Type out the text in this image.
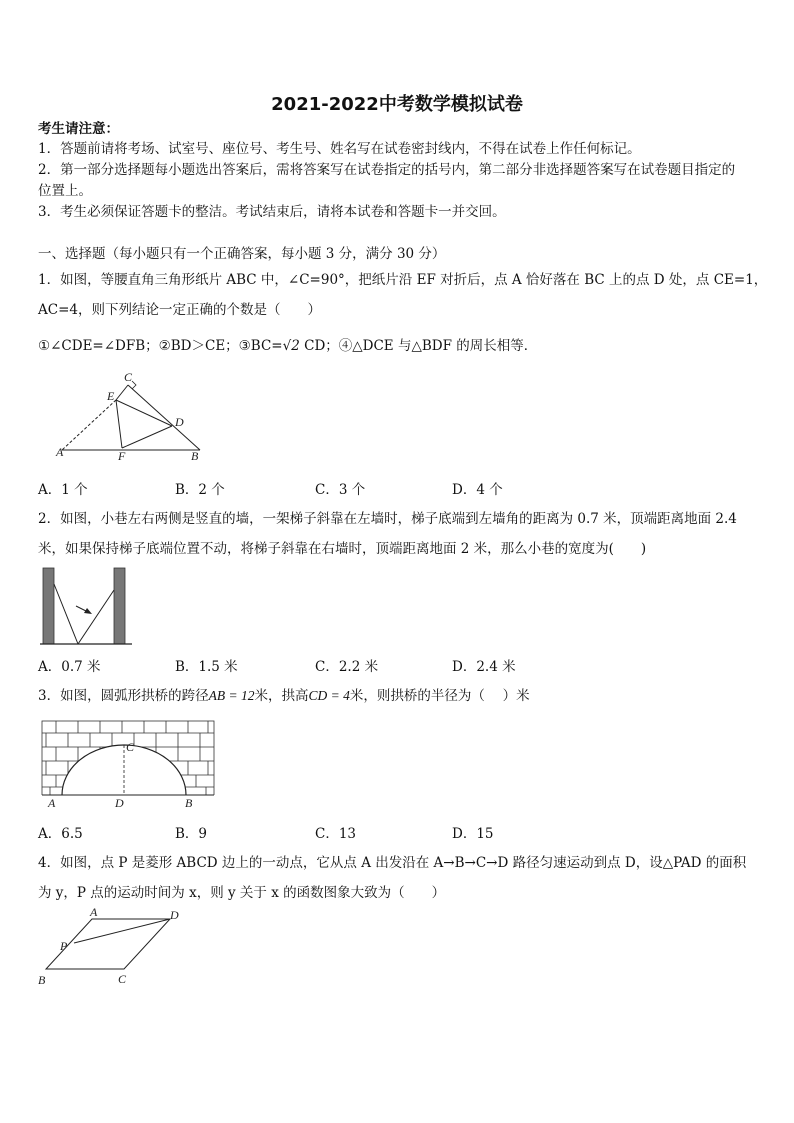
2021-2022中考数学模拟试卷
考生请注意：
1．答题前请将考场、试室号、座位号、考生号、姓名写在试卷密封线内，不得在试卷上作任何标记。
2．第一部分选择题每小题选出答案后，需将答案写在试卷指定的括号内，第二部分非选择题答案写在试卷题目指定的
位置上。
3．考生必须保证答题卡的整洁。考试结束后，请将本试卷和答题卡一并交回。
一、选择题（每小题只有一个正确答案，每小题 3 分，满分 30 分）
1．如图，等腰直角三角形纸片 ABC 中，∠C=90°，把纸片沿 EF 对折后，点 A 恰好落在 BC 上的点 D 处，点 CE=1，
AC=4，则下列结论一定正确的个数是（　　）
①∠CDE=∠DFB；②BD＞CE；③BC=√2 CD；④△DCE 与△BDF 的周长相等．
C
E
D
A	F	B
A．1 个	B．2 个	C．3 个	D．4 个
2．如图，小巷左右两侧是竖直的墙，一架梯子斜靠在左墙时，梯子底端到左墙角的距离为 0.7 米，顶端距离地面 2.4
米，如果保持梯子底端位置不动，将梯子斜靠在右墙时，顶端距离地面 2 米，那么小巷的宽度为(　　)
A．0.7 米	B．1.5 米	C．2.2 米	D．2.4 米
3．如图，圆弧形拱桥的跨径AB = 12米，拱高CD = 4米，则拱桥的半径为（　 ）米
C
A	D	B
A．6.5	B．9	C．13	D．15
4．如图，点 P 是菱形 ABCD 边上的一动点，它从点 A 出发沿在 A→B→C→D 路径匀速运动到点 D，设△PAD 的面积
为 y，P 点的运动时间为 x，则 y 关于 x 的函数图象大致为（　　）
A	D
P
B	C
